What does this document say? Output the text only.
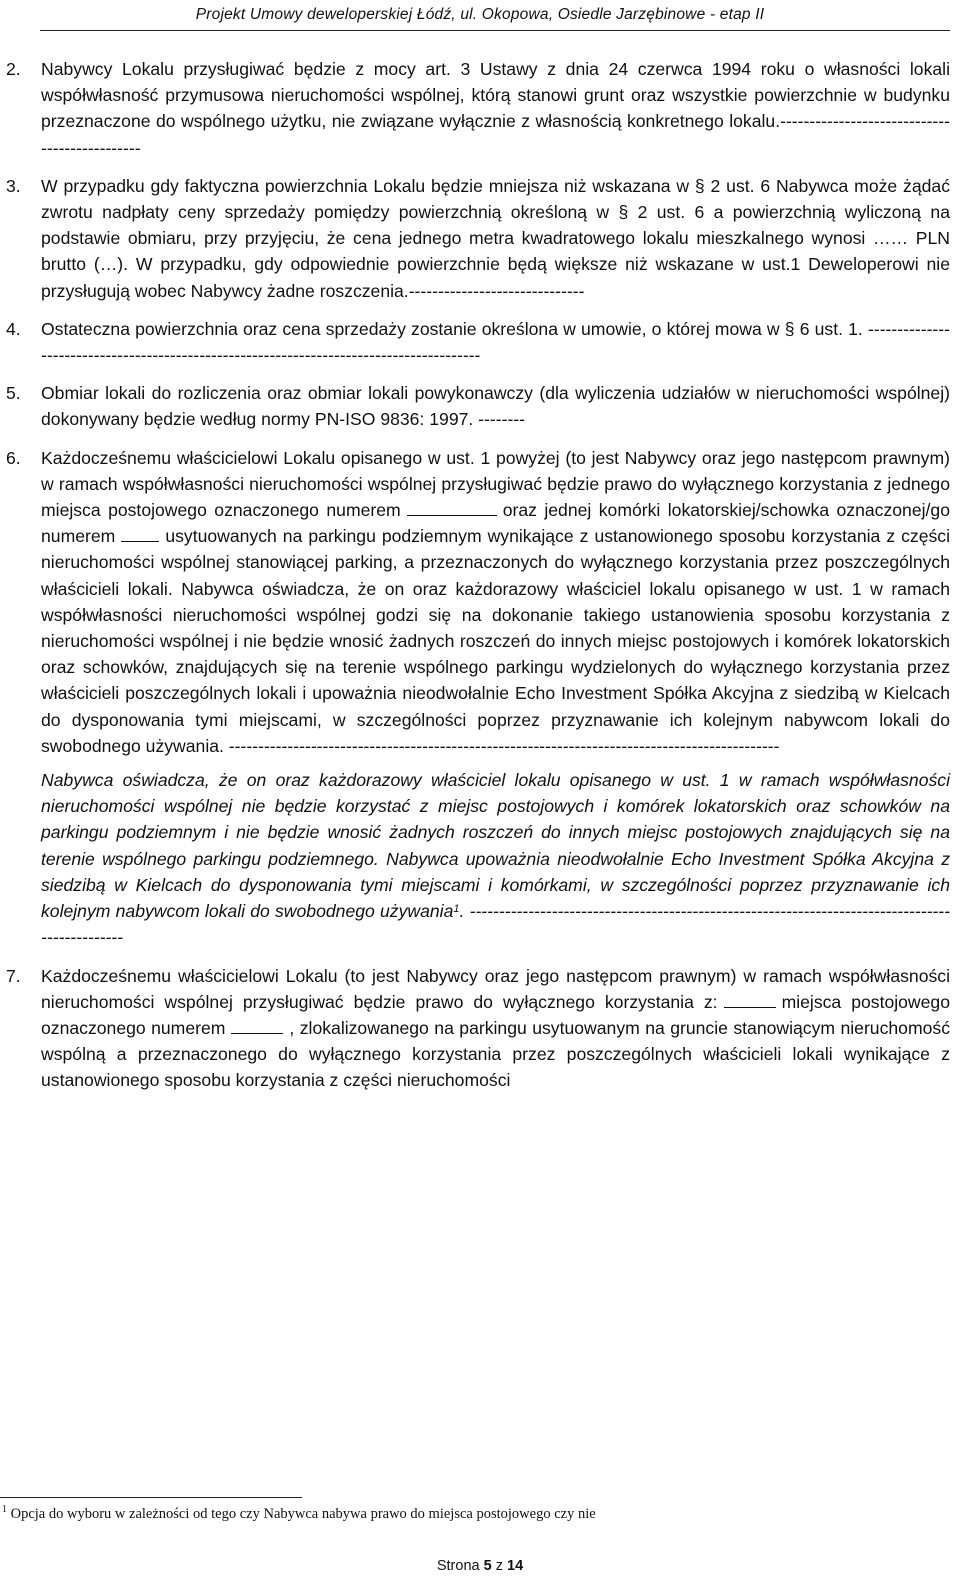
Projekt Umowy deweloperskiej Łódź, ul. Okopowa, Osiedle Jarzębinowe - etap II

2. Nabywcy Lokalu przysługiwać będzie z mocy art. 3 Ustawy z dnia 24 czerwca 1994 roku o własności lokali współwłasność przymusowa nieruchomości wspólnej, którą stanowi grunt oraz wszystkie powierzchnie w budynku przeznaczone do wspólnego użytku, nie związane wyłącznie z własnością konkretnego lokalu.----------------------------------------------

3. W przypadku gdy faktyczna powierzchnia Lokalu będzie mniejsza niż wskazana w § 2 ust. 6 Nabywca może żądać zwrotu nadpłaty ceny sprzedaży pomiędzy powierzchnią określoną w § 2 ust. 6 a powierzchnią wyliczoną na podstawie obmiaru, przy przyjęciu, że cena jednego metra kwadratowego lokalu mieszkalnego wynosi …… PLN brutto (…). W przypadku, gdy odpowiednie powierzchnie będą większe niż wskazane w ust.1 Deweloperowi nie przysługują wobec Nabywcy żadne roszczenia.------------------------------

4. Ostateczna powierzchnia oraz cena sprzedaży zostanie określona w umowie, o której mowa w § 6 ust. 1. -----------------------------------------------------------------------------------------

5. Obmiar lokali do rozliczenia oraz obmiar lokali powykonawczy (dla wyliczenia udziałów w nieruchomości wspólnej) dokonywany będzie według normy PN-ISO 9836: 1997. --------

6. Każdocześnemu właścicielowi Lokalu opisanego w ust. 1 powyżej (to jest Nabywcy oraz jego następcom prawnym) w ramach współwłasności nieruchomości wspólnej przysługiwać będzie prawo do wyłącznego korzystania z jednego miejsca postojowego oznaczonego numerem	oraz jednej komórki lokatorskiej/schowka oznaczonej/go numerem	usytuowanych na parkingu podziemnym wynikające z ustanowionego sposobu korzystania z części nieruchomości wspólnej stanowiącej parking, a przeznaczonych do wyłącznego korzystania przez poszczególnych właścicieli lokali. Nabywca oświadcza, że on oraz każdorazowy właściciel lokalu opisanego w ust. 1 w ramach współwłasności nieruchomości wspólnej godzi się na dokonanie takiego ustanowienia sposobu korzystania z nieruchomości wspólnej i nie będzie wnosić żadnych roszczeń do innych miejsc postojowych i komórek lokatorskich oraz schowków, znajdujących się na terenie wspólnego parkingu wydzielonych do wyłącznego korzystania przez właścicieli poszczególnych lokali i upoważnia nieodwołalnie Echo Investment Spółka Akcyjna z siedzibą w Kielcach do dysponowania tymi miejscami, w szczególności poprzez przyznawanie ich kolejnym nabywcom lokali do swobodnego używania. ----------------------------------------------------------------------------------------------

Nabywca oświadcza, że on oraz każdorazowy właściciel lokalu opisanego w ust. 1 w ramach współwłasności nieruchomości wspólnej nie będzie korzystać z miejsc postojowych i komórek lokatorskich oraz schowków na parkingu podziemnym i nie będzie wnosić żadnych roszczeń do innych miejsc postojowych znajdujących się na terenie wspólnego parkingu podziemnego. Nabywca upoważnia nieodwołalnie Echo Investment Spółka Akcyjna z siedzibą w Kielcach do dysponowania tymi miejscami i komórkami, w szczególności poprzez przyznawanie ich kolejnym nabywcom lokali do swobodnego używania$^1$. ------------------------------------------------------------------------------------------------

7. Każdocześnemu właścicielowi Lokalu (to jest Nabywcy oraz jego następcom prawnym) w ramach współwłasności nieruchomości wspólnej przysługiwać będzie prawo do wyłącznego korzystania z:	miejsca postojowego oznaczonego numerem	, zlokalizowanego na parkingu usytuowanym na gruncie stanowiącym nieruchomość wspólną a przeznaczonego do wyłącznego korzystania przez poszczególnych właścicieli lokali wynikające z ustanowionego sposobu korzystania z części nieruchomości

$^1$ Opcja do wyboru w zależności od tego czy Nabywca nabywa prawo do miejsca postojowego czy nie
Strona 5 z 14
